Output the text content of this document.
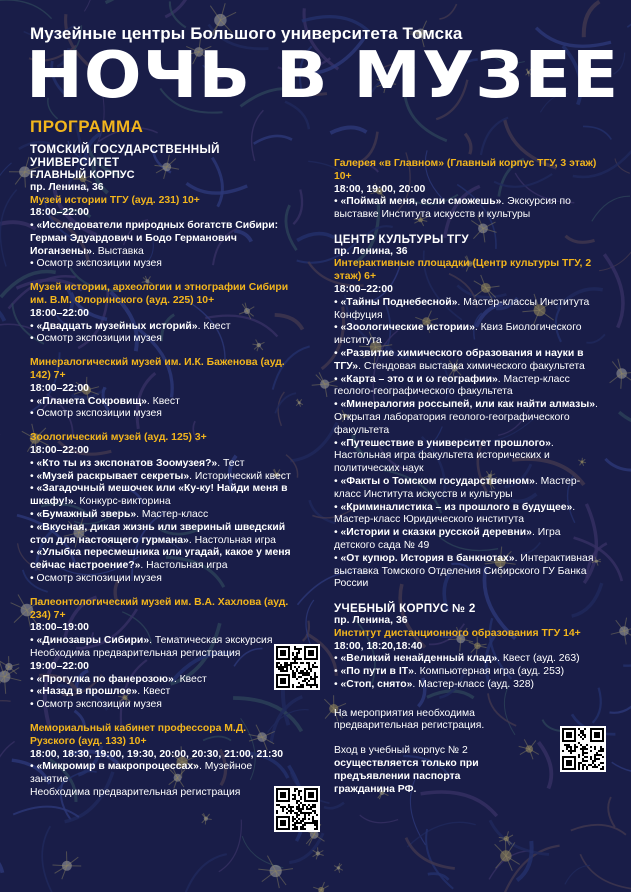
Музейные центры Большого университета Томска
НОЧЬ В МУЗЕЕ
ПРОГРАММА
ТОМСКИЙ ГОСУДАРСТВЕННЫЙ УНИВЕРСИТЕТ
ГЛАВНЫЙ КОРПУС
пр. Ленина, 36
Музей истории ТГУ (ауд. 231) 10+
18:00–22:00
• «Исследователи природных богатств Сибири: Герман Эдуардович и Бодо Германович Иоганзены». Выставка
• Осмотр экспозиции музея
Музей истории, археологии и этнографии Сибири им. В.М. Флоринского (ауд. 225) 10+
18:00–22:00
• «Двадцать музейных историй». Квест
• Осмотр экспозиции музея
Минералогический музей им. И.К. Баженова (ауд. 142) 7+
18:00–22:00
• «Планета Сокровищ». Квест
• Осмотр экспозиции музея
Зоологический музей (ауд. 125) 3+
18:00–22:00
• «Кто ты из экспонатов Зоомузея?». Тест
• «Музей раскрывает секреты». Исторический квест
• «Загадочный мешочек или «Ку-ку! Найди меня в шкафу!». Конкурс-викторина
• «Бумажный зверь». Мастер-класс
• «Вкусная, дикая жизнь или звериный шведский стол для настоящего гурмана». Настольная игра
• «Улыбка пересмешника или угадай, какое у меня сейчас настроение?». Настольная игра
• Осмотр экспозиции музея
Палеонтологический музей им. В.А. Хахлова (ауд. 234) 7+
18:00–19:00
• «Динозавры Сибири». Тематическая экскурсия
Необходима предварительная регистрация
19:00–22:00
• «Прогулка по фанерозою». Квест
• «Назад в прошлое». Квест
• Осмотр экспозиции музея
Мемориальный кабинет профессора М.Д. Рузского (ауд. 133) 10+
18:00, 18:30, 19:00, 19:30, 20:00, 20:30, 21:00, 21:30
• «Микромир в макропроцессах». Музейное занятие
Необходима предварительная регистрация
Галерея «в Главном» (Главный корпус ТГУ, 3 этаж) 10+
18:00, 19:00, 20:00
• «Поймай меня, если сможешь». Экскурсия по выставке Института искусств и культуры
ЦЕНТР КУЛЬТУРЫ ТГУ
пр. Ленина, 36
Интерактивные площадки (Центр культуры ТГУ, 2 этаж) 6+
18:00–22:00
• «Тайны Поднебесной». Мастер-классы Института Конфуция
• «Зоологические истории». Квиз Биологического института
• «Развитие химического образования и науки в ТГУ». Стендовая выставка химического факультета
• «Карта – это α и ω географии». Мастер-класс геолого-географического факультета
• «Минералогия россыпей, или как найти алмазы». Открытая лаборатория геолого-географического факультета
• «Путешествие в университет прошлого». Настольная игра факультета исторических и политических наук
• «Факты о Томском государственном». Мастер-класс Института искусств и культуры
• «Криминалистика – из прошлого в будущее». Мастер-класс Юридического института
• «Истории и сказки русской деревни». Игра детского сада № 49
• «От купюр. История в банкнотах». Интерактивная выставка Томского Отделения Сибирского ГУ Банка России
УЧЕБНЫЙ КОРПУС № 2
пр. Ленина, 36
Институт дистанционного образования ТГУ 14+
18:00, 18:20,18:40
• «Великий ненайденный клад». Квест (ауд. 263)
• «По пути в IT». Компьютерная игра (ауд. 253)
• «Стоп, снято». Мастер-класс (ауд. 328)
На мероприятия необходима предварительная регистрация.
Вход в учебный корпус № 2 осуществляется только при предъявлении паспорта гражданина РФ.
